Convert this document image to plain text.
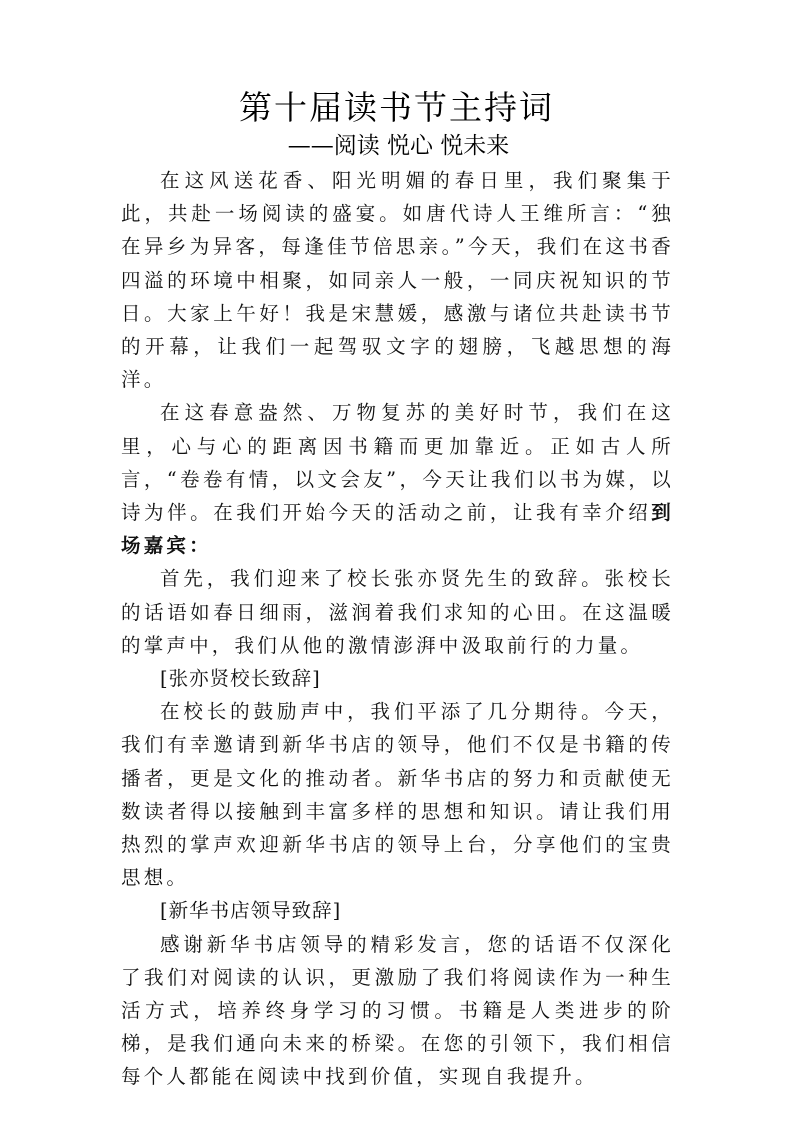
第十届读书节主持词
——阅读 悦心 悦未来

在这风送花香、阳光明媚的春日里，我们聚集于此，共赴一场阅读的盛宴。如唐代诗人王维所言：“独在异乡为异客，每逢佳节倍思亲。”今天，我们在这书香四溢的环境中相聚，如同亲人一般，一同庆祝知识的节日。大家上午好！我是宋慧媛，感激与诸位共赴读书节的开幕，让我们一起驾驭文字的翅膀，飞越思想的海洋。

在这春意盎然、万物复苏的美好时节，我们在这里，心与心的距离因书籍而更加靠近。正如古人所言，“卷卷有情，以文会友”，今天让我们以书为媒，以诗为伴。在我们开始今天的活动之前，让我有幸介绍到场嘉宾：

首先，我们迎来了校长张亦贤先生的致辞。张校长的话语如春日细雨，滋润着我们求知的心田。在这温暖的掌声中，我们从他的激情澎湃中汲取前行的力量。

[张亦贤校长致辞]

在校长的鼓励声中，我们平添了几分期待。今天，我们有幸邀请到新华书店的领导，他们不仅是书籍的传播者，更是文化的推动者。新华书店的努力和贡献使无数读者得以接触到丰富多样的思想和知识。请让我们用热烈的掌声欢迎新华书店的领导上台，分享他们的宝贵思想。

[新华书店领导致辞]

感谢新华书店领导的精彩发言，您的话语不仅深化了我们对阅读的认识，更激励了我们将阅读作为一种生活方式，培养终身学习的习惯。书籍是人类进步的阶梯，是我们通向未来的桥梁。在您的引领下，我们相信每个人都能在阅读中找到价值，实现自我提升。
